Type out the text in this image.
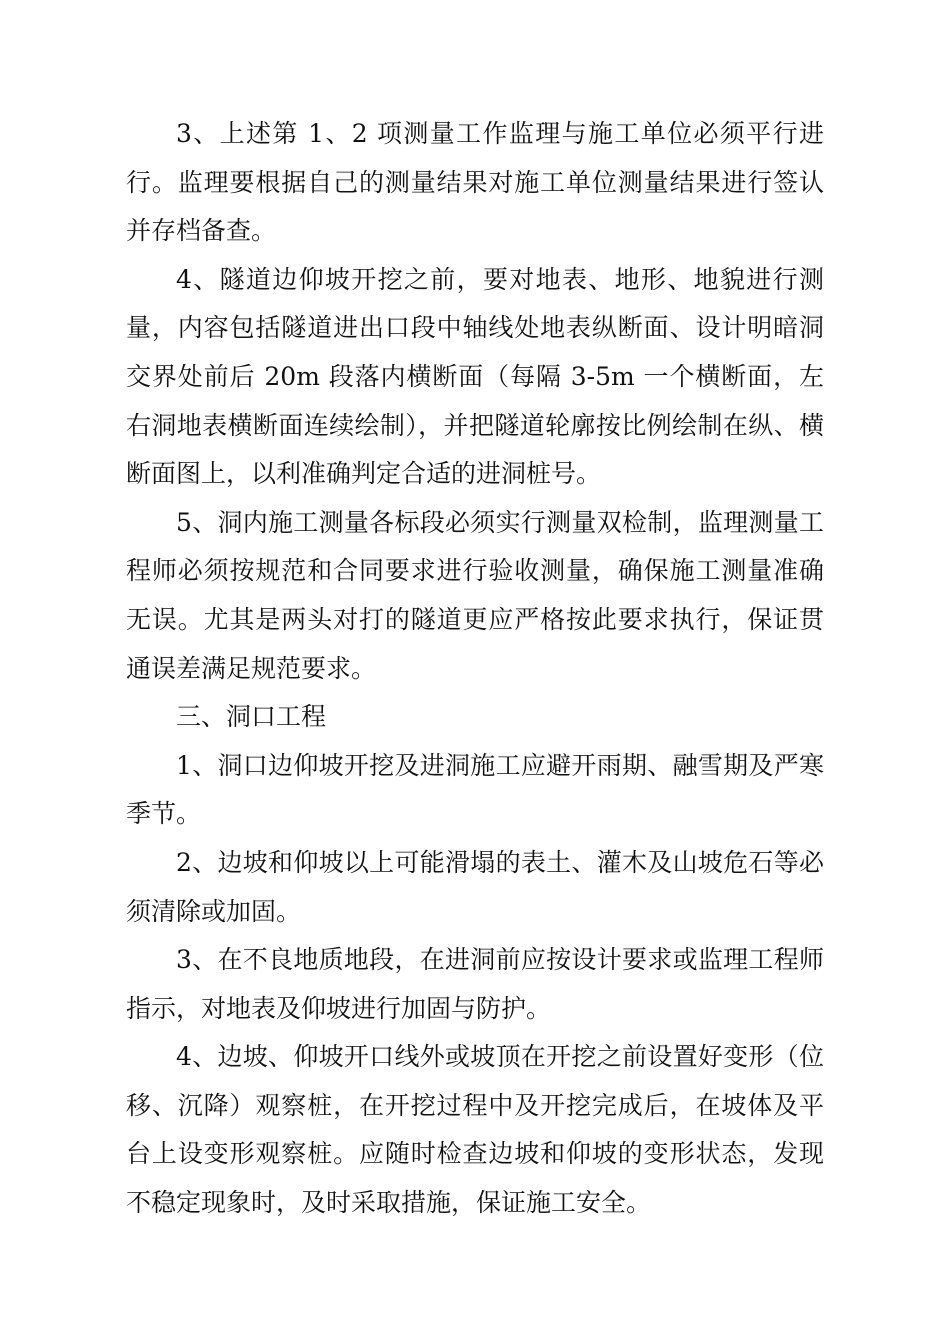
3、上述第 1、2 项测量工作监理与施工单位必须平行进行。监理要根据自己的测量结果对施工单位测量结果进行签认并存档备查。

4、隧道边仰坡开挖之前，要对地表、地形、地貌进行测量，内容包括隧道进出口段中轴线处地表纵断面、设计明暗洞交界处前后 20m 段落内横断面（每隔 3-5m 一个横断面，左右洞地表横断面连续绘制），并把隧道轮廓按比例绘制在纵、横断面图上，以利准确判定合适的进洞桩号。

5、洞内施工测量各标段必须实行测量双检制，监理测量工程师必须按规范和合同要求进行验收测量，确保施工测量准确无误。尤其是两头对打的隧道更应严格按此要求执行，保证贯通误差满足规范要求。

三、洞口工程

1、洞口边仰坡开挖及进洞施工应避开雨期、融雪期及严寒季节。

2、边坡和仰坡以上可能滑塌的表土、灌木及山坡危石等必须清除或加固。

3、在不良地质地段，在进洞前应按设计要求或监理工程师指示，对地表及仰坡进行加固与防护。

4、边坡、仰坡开口线外或坡顶在开挖之前设置好变形（位移、沉降）观察桩，在开挖过程中及开挖完成后，在坡体及平台上设变形观察桩。应随时检查边坡和仰坡的变形状态，发现不稳定现象时，及时采取措施，保证施工安全。
